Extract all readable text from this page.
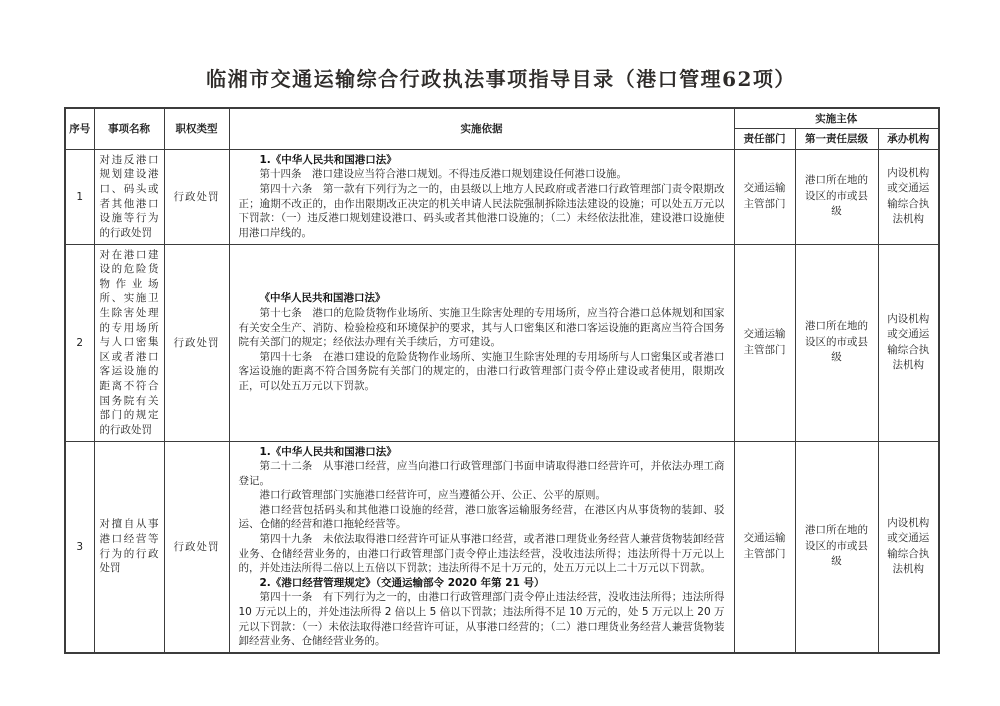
临湘市交通运输综合行政执法事项指导目录（港口管理62项）
序号	事项名称	职权类型	实施依据	实施主体		
				责任部门	第一责任层级	承办机构
1	对违反港口规划建设港口、码头或者其他港口设施等行为的行政处罚	行政处罚	1.《中华人民共和国港口法》

第十四条　港口建设应当符合港口规划。不得违反港口规划建设任何港口设施。

第四十六条　第一款有下列行为之一的，由县级以上地方人民政府或者港口行政管理部门责令限期改正；逾期不改正的，由作出限期改正决定的机关申请人民法院强制拆除违法建设的设施；可以处五万元以下罚款：（一）违反港口规划建设港口、码头或者其他港口设施的；（二）未经依法批准，建设港口设施使用港口岸线的。	交通运输主管部门	港口所在地的设区的市或县级	内设机构或交通运输综合执法机构
2	对在港口建设的危险货物作业场所、实施卫生除害处理的专用场所与人口密集区或者港口客运设施的距离不符合国务院有关部门的规定的行政处罚	行政处罚	《中华人民共和国港口法》

第十七条　港口的危险货物作业场所、实施卫生除害处理的专用场所，应当符合港口总体规划和国家有关安全生产、消防、检验检疫和环境保护的要求，其与人口密集区和港口客运设施的距离应当符合国务院有关部门的规定；经依法办理有关手续后，方可建设。

第四十七条　在港口建设的危险货物作业场所、实施卫生除害处理的专用场所与人口密集区或者港口客运设施的距离不符合国务院有关部门的规定的，由港口行政管理部门责令停止建设或者使用，限期改正，可以处五万元以下罚款。	交通运输主管部门	港口所在地的设区的市或县级	内设机构或交通运输综合执法机构
3	对擅自从事港口经营等行为的行政处罚	行政处罚	

1.《中华人民共和国港口法》

第二十二条　从事港口经营，应当向港口行政管理部门书面申请取得港口经营许可，并依法办理工商登记。

港口行政管理部门实施港口经营许可，应当遵循公开、公正、公平的原则。

港口经营包括码头和其他港口设施的经营，港口旅客运输服务经营，在港区内从事货物的装卸、驳运、仓储的经营和港口拖轮经营等。

第四十九条　未依法取得港口经营许可证从事港口经营，或者港口理货业务经营人兼营货物装卸经营业务、仓储经营业务的，由港口行政管理部门责令停止违法经营，没收违法所得；违法所得十万元以上的，并处违法所得二倍以上五倍以下罚款；违法所得不足十万元的，处五万元以上二十万元以下罚款。

2.《港口经营管理规定》（交通运输部令 2020 年第 21 号）

第四十一条　有下列行为之一的，由港口行政管理部门责令停止违法经营，没收违法所得；违法所得 10 万元以上的，并处违法所得 2 倍以上 5 倍以下罚款；违法所得不足 10 万元的，处 5 万元以上 20 万元以下罚款：（一）未依法取得港口经营许可证，从事港口经营的；（二）港口理货业务经营人兼营货物装卸经营业务、仓储经营业务的。

	交通运输主管部门	港口所在地的设区的市或县级	内设机构或交通运输综合执法机构
